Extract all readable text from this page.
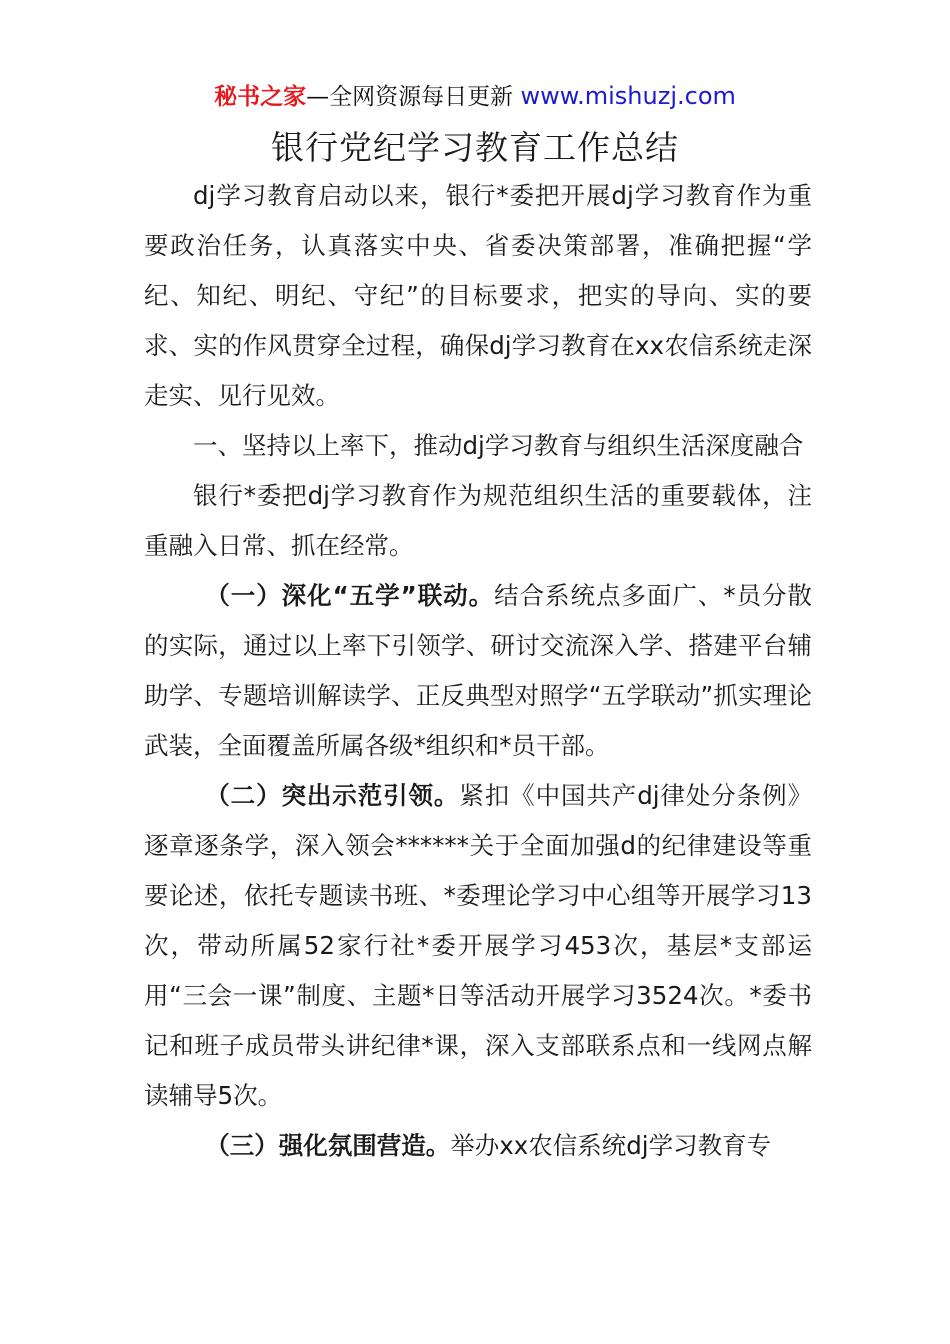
秘书之家—全网资源每日更新 www.mishuzj.com
银行党纪学习教育工作总结

dj学习教育启动以来，银行*委把开展dj学习教育作为重要政治任务，认真落实中央、省委决策部署，准确把握“学纪、知纪、明纪、守纪”的目标要求，把实的导向、实的要求、实的作风贯穿全过程，确保dj学习教育在xx农信系统走深走实、见行见效。

一、坚持以上率下，推动dj学习教育与组织生活深度融合

银行*委把dj学习教育作为规范组织生活的重要载体，注重融入日常、抓在经常。

（一）深化“五学”联动。结合系统点多面广、*员分散的实际，通过以上率下引领学、研讨交流深入学、搭建平台辅助学、专题培训解读学、正反典型对照学“五学联动”抓实理论武装，全面覆盖所属各级*组织和*员干部。

（二）突出示范引领。紧扣《中国共产dj律处分条例》逐章逐条学，深入领会******关于全面加强d的纪律建设等重要论述，依托专题读书班、*委理论学习中心组等开展学习13次，带动所属52家行社*委开展学习453次，基层*支部运用“三会一课”制度、主题*日等活动开展学习3524次。*委书记和班子成员带头讲纪律*课，深入支部联系点和一线网点解读辅导5次。

（三）强化氛围营造。举办xx农信系统dj学习教育专
